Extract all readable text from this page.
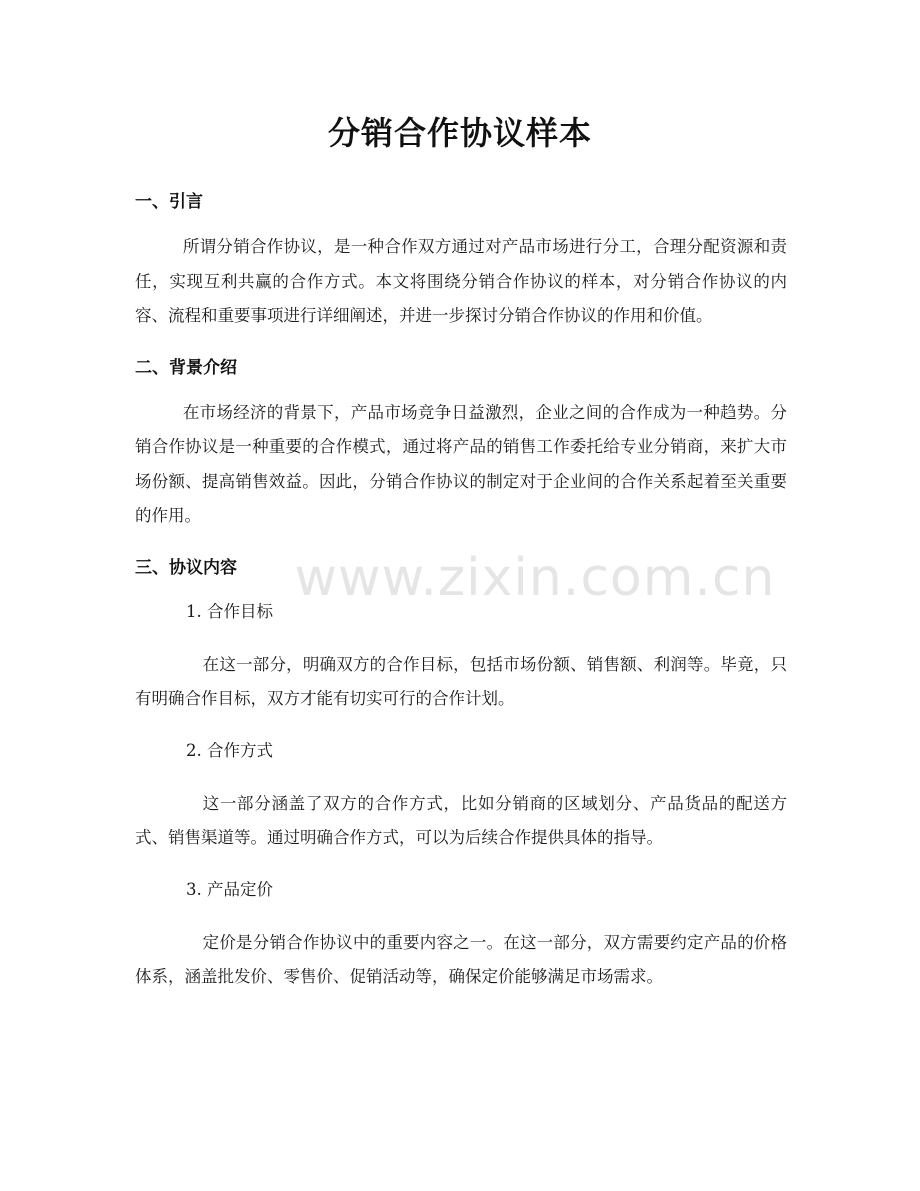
www.zixin.com.cn
分销合作协议样本
一、引言

所谓分销合作协议，是一种合作双方通过对产品市场进行分工，合理分配资源和责任，实现互利共赢的合作方式。本文将围绕分销合作协议的样本，对分销合作协议的内容、流程和重要事项进行详细阐述，并进一步探讨分销合作协议的作用和价值。

二、背景介绍

在市场经济的背景下，产品市场竞争日益激烈，企业之间的合作成为一种趋势。分销合作协议是一种重要的合作模式，通过将产品的销售工作委托给专业分销商，来扩大市场份额、提高销售效益。因此，分销合作协议的制定对于企业间的合作关系起着至关重要的作用。

三、协议内容
1. 合作目标

在这一部分，明确双方的合作目标，包括市场份额、销售额、利润等。毕竟，只有明确合作目标，双方才能有切实可行的合作计划。

2. 合作方式

这一部分涵盖了双方的合作方式，比如分销商的区域划分、产品货品的配送方式、销售渠道等。通过明确合作方式，可以为后续合作提供具体的指导。

3. 产品定价

定价是分销合作协议中的重要内容之一。在这一部分，双方需要约定产品的价格体系，涵盖批发价、零售价、促销活动等，确保定价能够满足市场需求。
